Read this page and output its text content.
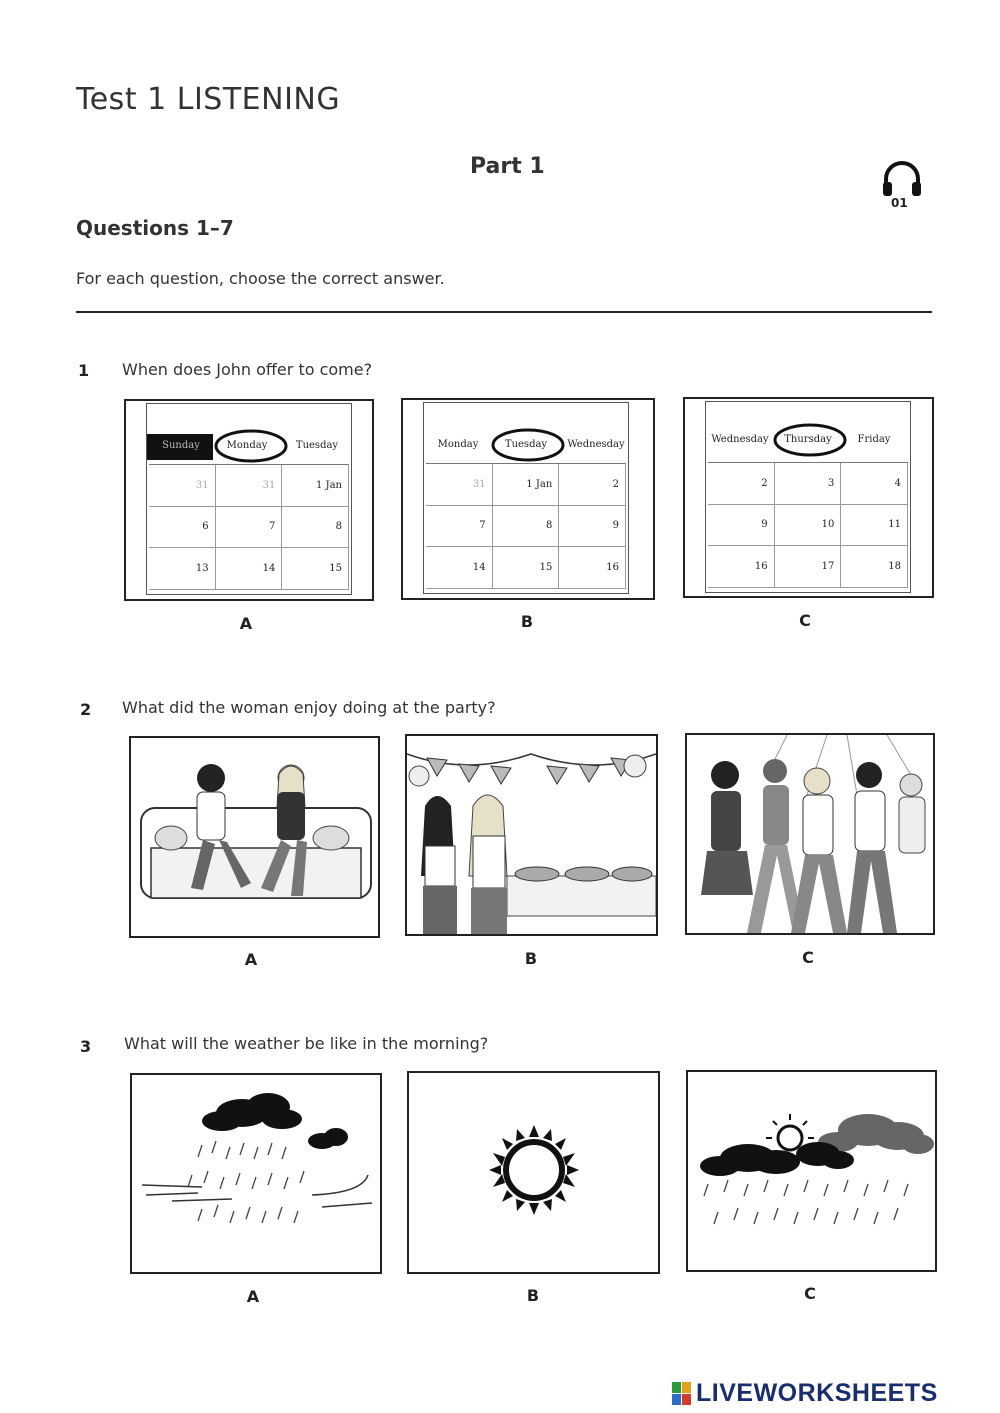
Test 1 LISTENING
Part 1
01
Questions 1–7
For each question, choose the correct answer.
1 When does John offer to come?
Sunday	Monday	Tuesday
31	31	1 Jan
6	7	8
13	14	15
A
Monday	Tuesday	Wednesday
31	1 Jan	2
7	8	9
14	15	16
B
Wednesday	Thursday	Friday
2	3	4
9	10	11
16	17	18
C
2 What did the woman enjoy doing at the party?
A	B	C
3 What will the weather be like in the morning?
A	B	C
LIVEWORKSHEETS
